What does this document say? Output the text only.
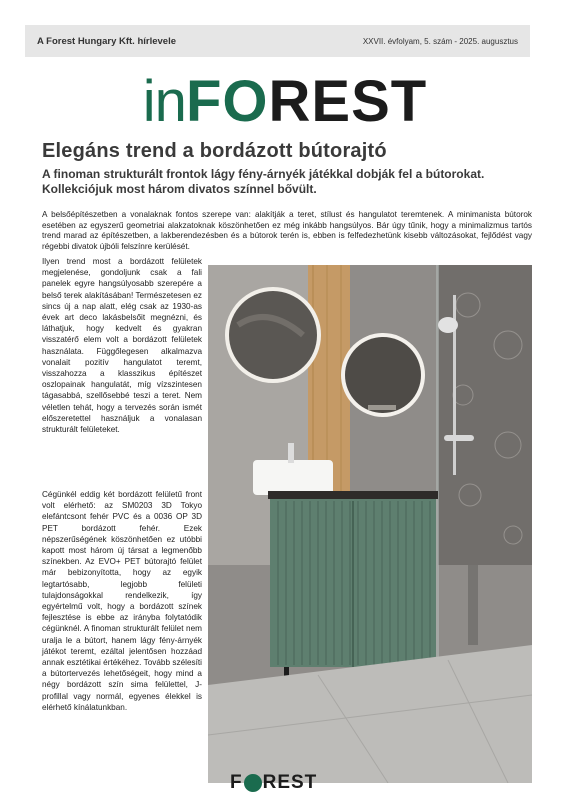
A Forest Hungary Kft. hírlevele	XXVII. évfolyam, 5. szám - 2025. augusztus
in FO REST
Elegáns trend a bordázott bútorajtó

A finoman strukturált frontok lágy fény-árnyék játékkal dobják fel a bútorokat. Kollekciójuk most három divatos színnel bővült.

A belsőépítészetben a vonalaknak fontos szerepe van: alakítják a teret, stílust és hangulatot teremtenek. A minimanista bútorok esetében az egyszerű geometriai alakzatoknak köszönhetően ez még inkább hangsúlyos. Bár úgy tűnik, hogy a minimalizmus tartós trend marad az építészetben, a lakberendezésben és a bútorok terén is, ebben is felfedezhetünk kisebb változásokat, fejlődést vagy régebbi divatok újbóli felszínre kerülését.

Ilyen trend most a bordázott felületek megjelenése, gondoljunk csak a fali panelek egyre hangsúlyosabb szerepére a belső terek alakításában! Természetesen ez sincs új a nap alatt, elég csak az 1930-as évek art deco lakásbelsőit megnézni, és láthatjuk, hogy kedvelt és gyakran visszatérő elem volt a bordázott felületek használata. Függőlegesen alkalmazva vonalait pozitív hangulatot teremt, visszahozza a klasszikus építészet oszlopainak hangulatát, míg vízszintesen tágasabbá, szellősebbé teszi a teret. Nem véletlen tehát, hogy a tervezés során ismét előszeretettel használjuk a vonalasan strukturált felületeket.

Cégünkél eddig két bordázott felületű front volt elérhető: az SM0203 3D Tokyo elefántcsont fehér PVC és a 0036 OP 3D PET bordázott fehér. Ezek népszerűségének köszönhetően ez utóbbi kapott most három új társat a legmenőbb színekben. Az EVO+ PET bútorajtó felület már bebizonyította, hogy az egyik legtartósabb, legjobb felületi tulajdonságokkal rendelkezik, így egyértelmű volt, hogy a bordázott színek fejlesztése is ebbe az irányba folytatódik cégünknél. A finoman strukturált felület nem uralja le a bútort, hanem lágy fény-árnyék játékot teremt, ezáltal jelentősen hozzáad annak esztétikai értékéhez. Tovább szélesíti a bútortervezés lehetőségeit, hogy mind a négy bordázott szín sima felülettel, J-profillal vagy normál, egyenes élekkel is elérhető kínálatunkban.

F REST
